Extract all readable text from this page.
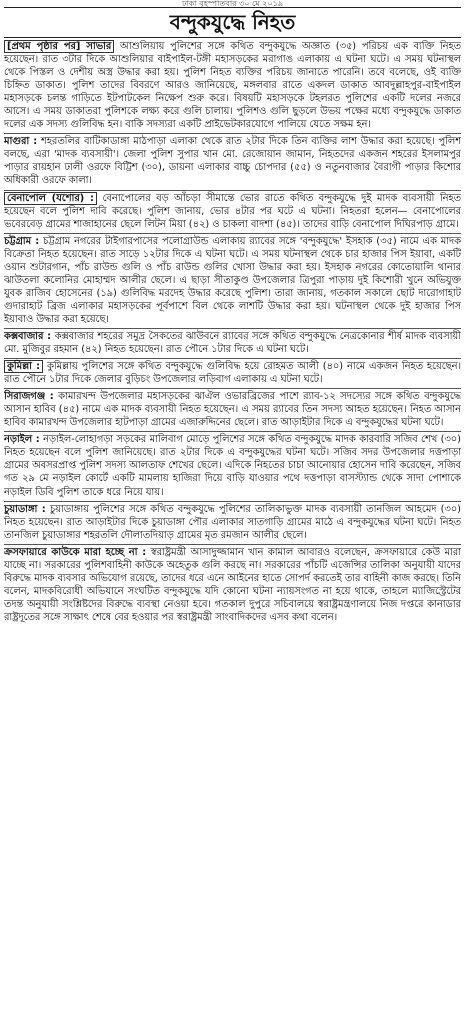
ঢাকা বৃহস্পতিবার ৩০ মে ২০১৯
বন্দুকযুদ্ধে নিহত

[প্রথম পৃষ্ঠার পর] সাভার আশুলিয়ায় পুলিশের সঙ্গে কথিত বন্দুকযুদ্ধে অজ্ঞাত (৩৫) পরিচয় এক ব্যক্তি নিহত হয়েছেন। রাত ৩টার দিকে আশুলিয়ার বাইপাইল-টঙ্গী মহাসড়কের মরাগাঙ এলাকায় এ ঘটনা ঘটে। এ সময় ঘটনাস্থল থেকে পিস্তল ও দেশীয় অস্ত্র উদ্ধার করা হয়। পুলিশ নিহত ব্যক্তির পরিচয় জানাতে পারেনি। তবে বলেছে, ওই ব্যক্তি চিহ্নিত ডাকাত। পুলিশ তাদের বিবরণে আরও জানিয়েছে, মঙ্গলবার রাতে একদল ডাকাত আবদুল্লাহপুর-বাইপাইল মহাসড়কে চলন্ত গাড়িতে ইটপাটকেল নিক্ষেপ শুরু করে। বিষয়টি মহাসড়কে টহলরত পুলিশের একটি দলের নজরে আসে। এ সময় ডাকাতরা পুলিশকে লক্ষ্য করে গুলি চালায়। পুলিশও গুলি ছুড়লে উভয় পক্ষের মধ্যে বন্দুকযুদ্ধে ডাকাত দলের এক সদস্য গুলিবিদ্ধ হন। বাকি সদস্যরা একটি প্রাইভেটকারযোগে পালিয়ে যেতে সক্ষম হন।

মাগুরা : শহরতলির বাটিকাডাঙ্গা মাঠপাড়া এলাকা থেকে রাত ২টার দিকে তিন ব্যক্তির লাশ উদ্ধার করা হয়েছে। পুলিশ বলছে, এরা 'মাদক ব্যবসায়ী'। জেলা পুলিশ সুপার খান মো. রেজোয়ান জামান, নিহতদের একজন শহরের ইসলামপুর পাড়ার রায়হান ঢালী ওরফে বিট্টিশ (৩০), ডায়না এলাকার বাচ্চু চোপদার (৫৫) ও নতুনবাজার বৈরাগী পাড়ার কিশোর অধিকারী ওরফে কালা।

বেনাপোল (যশোর) : বেনাপোলের বড় আঁচড়া সীমান্তে ভোর রাতে কথিত বন্দুকযুদ্ধে দুই মাদক ব্যবসায়ী নিহত হয়েছেন বলে পুলিশ দাবি করেছে। পুলিশ জানায়, ভোর ৪টার পর ঘটে এ ঘটনা। নিহতরা হলেন— বেনাপোলের ভবেরবেড় গ্রামের শাজাহানের ছেলে লিটন মিয়া (৪২) ও চাকলা বাদশা (৪৫)। তাদের বাড়ি বেনাপোল দিঘিরপাড় গ্রামে।

চট্টগ্রাম : চট্টগ্রাম নগরের টাইগারপাসের পলোগ্রাউন্ড এলাকায় র‌্যাবের সঙ্গে 'বন্দুকযুদ্ধে' ইসহাক (৩৫) নামে এক মাদক বিক্রেতা নিহত হয়েছেন। রাত সাড়ে ১২টার দিকে এ ঘটনা ঘটে। এ সময় ঘটনাস্থল থেকে চার হাজার পিস ইয়াবা, একটি ওয়ান শুটারগান, পাঁচ রাউন্ড গুলি ও পাঁচ রাউন্ড গুলির খোসা উদ্ধার করা হয়। ইসহাক নগরের কোতোয়ালি থানার ঝাউতলা কলোনির মোহাম্মদ আলীর ছেলে। এ ছাড়া সীতাকুণ্ড উপজেলার ত্রিপুরা পাড়ায় দুই কিশোরী খুনে অভিযুক্ত যুবক রাজিব হোসেনের (১৯) গুলিবিদ্ধ মরদেহ উদ্ধার করেছে পুলিশ। তারা জানায়, গতকাল সকালে ছোট দারোগাহাট গুদারাহাট ব্রিজ এলাকার মহাসড়কের পূর্বপাশে বিল থেকে লাশটি উদ্ধার করা হয়। ঘটনাস্থল থেকে দুই হাজার পিস ইয়াবাও উদ্ধার করা হয়েছে।

কক্সবাজার : কক্সবাজার শহরের সমুদ্র সৈকতের ঝাউবনে র‌্যাবের সঙ্গে কথিত বন্দুকযুদ্ধে নেত্রকোনার শীর্ষ মাদক ব্যবসায়ী মো. মুজিবুর রহমান (৪২) নিহত হয়েছেন। রাত পৌনে ১টার দিকে এ ঘটনা ঘটে।

কুমিল্লা : কুমিল্লায় পুলিশের সঙ্গে কথিত বন্দুকযুদ্ধে গুলিবিদ্ধ হয়ে রোহমত আলী (৪০) নামে একজন নিহত হয়েছেন। রাত পৌনে ১টার দিকে জেলার বুড়িচং উপজেলার লড়িবাগ এলাকায় এ ঘটনা ঘটে।

সিরাজগঞ্জ : কামারখন্দ উপজেলার মহাসড়কের ঝাঐল ওভারব্রিজের পাশে র‌্যাব-১২ সদস্যের সঙ্গে কথিত বন্দুকযুদ্ধে আসান হাবিব (৪৫) নামে এক মাদক ব্যবসায়ী নিহত হয়েছেন। এ সময় র‌্যাবের তিন সদস্য আহত হয়েছেন। নিহত আসান হাবিব কামারখন্দ উপজেলার হাটপাড়া গ্রামের এজারুদ্দিনের ছেলে। রাত আড়াইটার দিকে এ বন্দুকযুদ্ধের ঘটনা ঘটে।

নড়াইল : নড়াইল-লোহাগড়া সড়কের মালিবাগ মোড়ে পুলিশের সঙ্গে কথিত বন্দুকযুদ্ধে মাদক কারবারি সজিব শেখ (৩০) নিহত হয়েছেন বলে পুলিশ জানিয়েছে। রাত ২টার দিকে এ বন্দুকযুদ্ধের ঘটনা ঘটে। সজিব সদর উপজেলার দত্তপাড়া গ্রামের অবসরপ্রাপ্ত পুলিশ সদস্য আলতাফ শেখের ছেলে। এদিকে নিহতের চাচা আনোয়ার হোসেন দাবি করেছেন, সজিব গত ২৯ মে নড়াইল কোর্টে একটি মামলায় হাজিরা দিয়ে বাড়ি যাওয়ার পথে দত্তপাড়া বাসস্ট্যান্ড থেকে সাদা পোশাকে নড়াইল ডিবি পুলিশ তাকে ধরে নিয়ে যায়।

চুয়াডাঙ্গা : চুয়াডাঙ্গায় পুলিশের সঙ্গে কথিত বন্দুকযুদ্ধে পুলিশের তালিকাভুক্ত মাদক ব্যবসায়ী তানজিল আহমেদ (৩০) নিহত হয়েছেন। রাত আড়াইটার দিকে চুয়াডাঙ্গা পৌর এলাকার সাতগাড়ি গ্রামের মাঠে এ বন্দুকযুদ্ধের ঘটনা ঘটে। নিহত তানজিল চুয়াডাঙ্গার শহরতলি দৌলাতদিয়াড় গ্রামের মৃত রমজান আলীর ছেলে।

ক্রসফায়ারে কাউকে মারা হচ্ছে না : স্বরাষ্ট্রমন্ত্রী আসাদুজ্জামান খান কামাল আবারও বলেছেন, ক্রসফায়ারে কেউ মারা যাচ্ছে না। সরকারের পুলিশবাহিনী কাউকে অহেতুক গুলি করছে না। সরকারের পাঁচটি এজেন্সির তালিকা অনুযায়ী যাদের বিরুদ্ধে মাদক ব্যবসার অভিযোগ রয়েছে, তাদের ধরে এনে আইনের হাতে সোপর্দ করতেই তার বাহিনী কাজ করছে। তিনি বলেন, মাদকবিরোধী অভিযানে সংঘটিত বন্দুকযুদ্ধে যদি কোনো ঘটনা ন্যায়সংগত না হয়ে থাকে, তাহলে ম্যাজিস্ট্রেটের তদন্ত অনুযায়ী সংশ্লিষ্টদের বিরুদ্ধে ব্যবস্থা নেওয়া হবে। গতকাল দুপুরে সচিবালয়ে স্বরাষ্ট্রমন্ত্রণালয়ে নিজ দপ্তরে কানাডার রাষ্ট্রদূতের সঙ্গে সাক্ষাৎ শেষে বের হওয়ার পর স্বরাষ্ট্রমন্ত্রী সাংবাদিকদের এসব কথা বলেন।
